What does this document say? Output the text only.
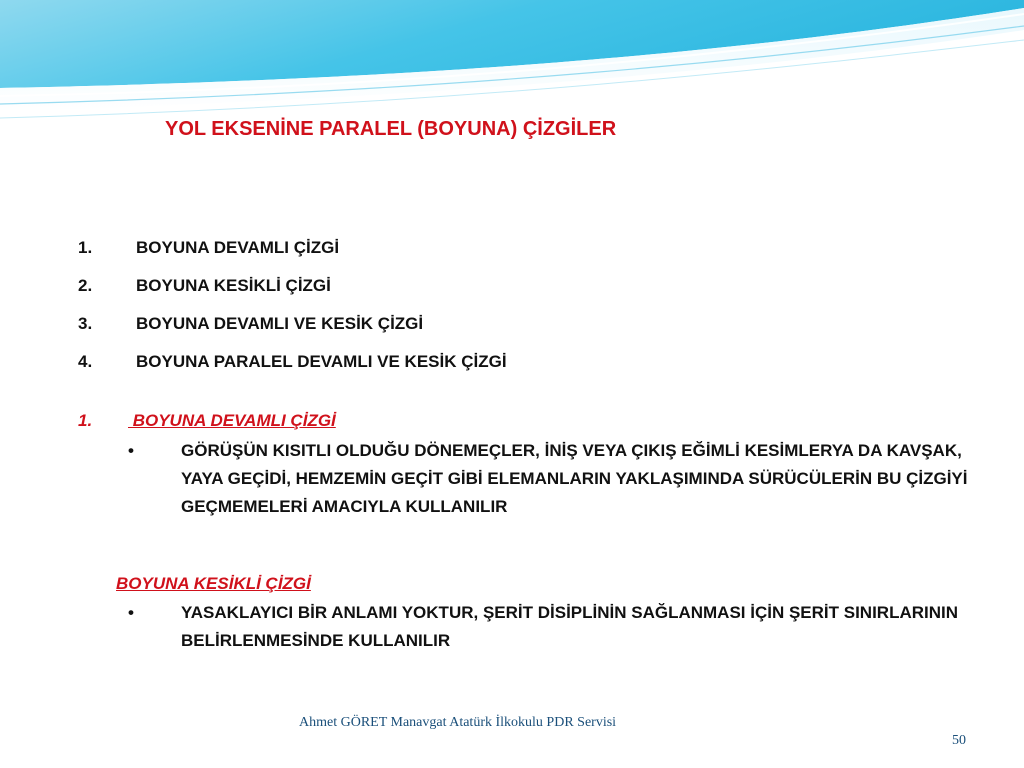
YOL EKSENİNE PARALEL (BOYUNA) ÇİZGİLER
1.	BOYUNA DEVAMLI ÇİZGİ
2.	BOYUNA KESİKLİ ÇİZGİ
3.	BOYUNA DEVAMLI VE KESİK ÇİZGİ
4.	BOYUNA PARALEL DEVAMLI VE KESİK ÇİZGİ
1. BOYUNA DEVAMLI ÇİZGİ
•	GÖRÜŞÜN KISITLI OLDUĞU DÖNEMEÇLER, İNİŞ VEYA ÇIKIŞ EĞİMLİ KESİMLERYA DA KAVŞAK, YAYA GEÇİDİ, HEMZEMİN GEÇİT GİBİ ELEMANLARIN YAKLAŞIMINDA SÜRÜCÜLERİN BU ÇİZGİYİ GEÇMEMELERİ AMACIYLA KULLANILIR
BOYUNA KESİKLİ ÇİZGİ
•	YASAKLAYICI BİR ANLAMI YOKTUR, ŞERİT DİSİPLİNİN SAĞLANMASI İÇİN ŞERİT SINIRLARININ BELİRLENMESİNDE KULLANILIR
Ahmet GÖRET Manavgat Atatürk İlkokulu PDR Servisi
50
